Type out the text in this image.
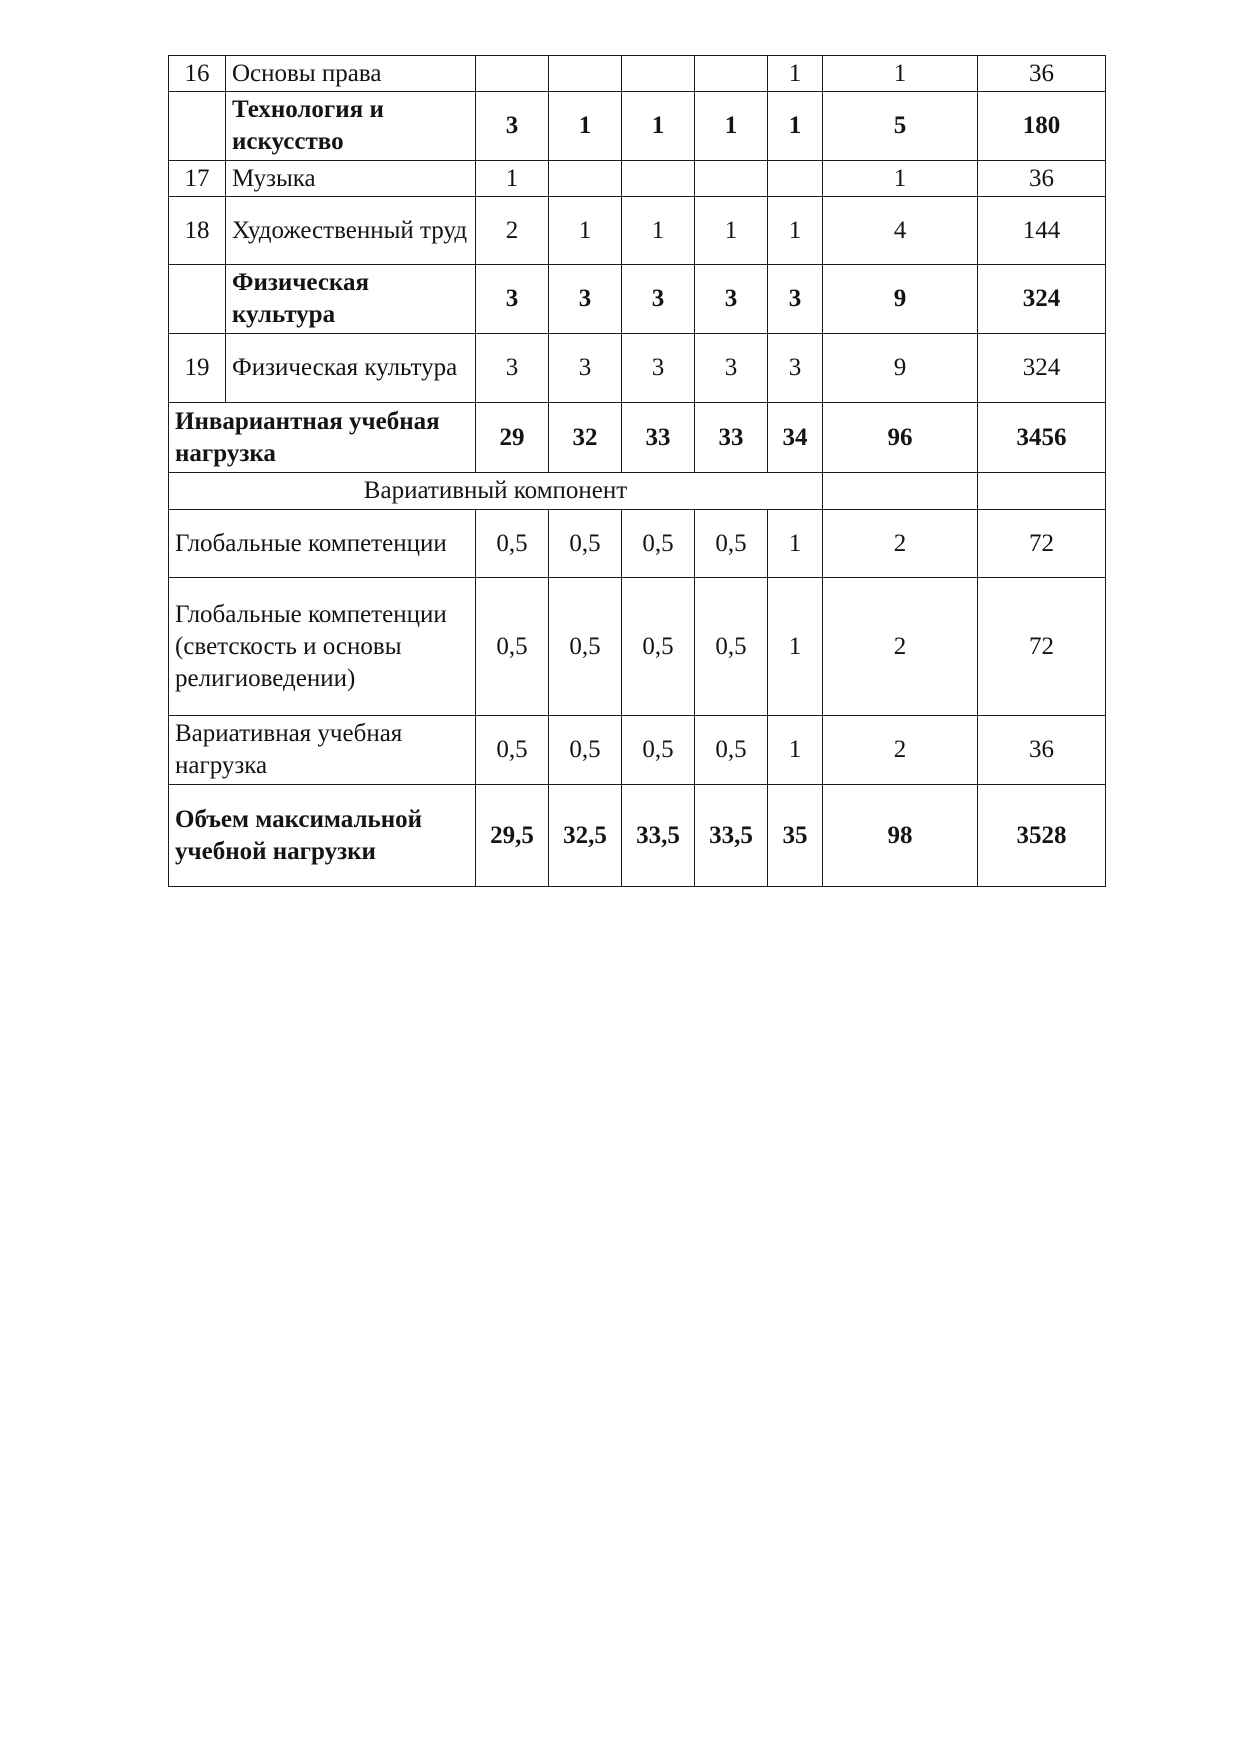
16	Основы права					1	1	36
	Технология и искусство	3	1	1	1	1	5	180
17	Музыка	1					1	36
18	Художественный труд	2	1	1	1	1	4	144
	Физическая культура	3	3	3	3	3	9	324
19	Физическая культура	3	3	3	3	3	9	324
Инвариантная учебная нагрузка		29	32	33	33	34	96	3456
Вариативный компонент								
Глобальные компетенции		0,5	0,5	0,5	0,5	1	2	72
Глобальные компетенции (светскость и основы религиоведении)		0,5	0,5	0,5	0,5	1	2	72
Вариативная учебная нагрузка		0,5	0,5	0,5	0,5	1	2	36
Объем максимальной учебной нагрузки		29,5	32,5	33,5	33,5	35	98	3528
